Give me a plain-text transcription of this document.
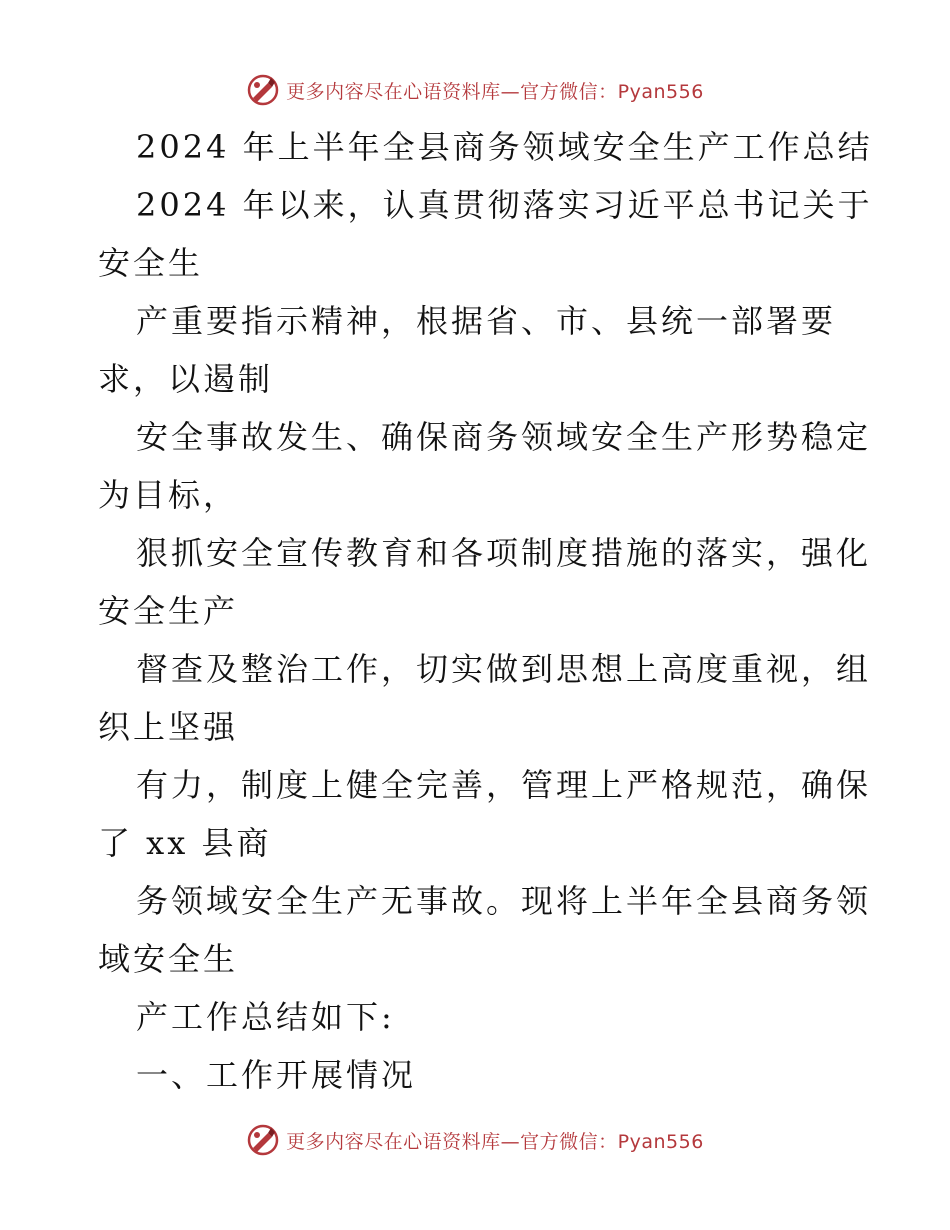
更多内容尽在心语资料库—官方微信：Pyan556
2024 年上半年全县商务领域安全生产工作总结
2024 年以来，认真贯彻落实习近平总书记关于
安全生
产重要指示精神，根据省、市、县统一部署要
求，以遏制
安全事故发生、确保商务领域安全生产形势稳定
为目标，
狠抓安全宣传教育和各项制度措施的落实，强化
安全生产
督查及整治工作，切实做到思想上高度重视，组
织上坚强
有力，制度上健全完善，管理上严格规范，确保
了 xx 县商
务领域安全生产无事故。现将上半年全县商务领
域安全生
产工作总结如下:
一、工作开展情况
更多内容尽在心语资料库—官方微信：Pyan556
